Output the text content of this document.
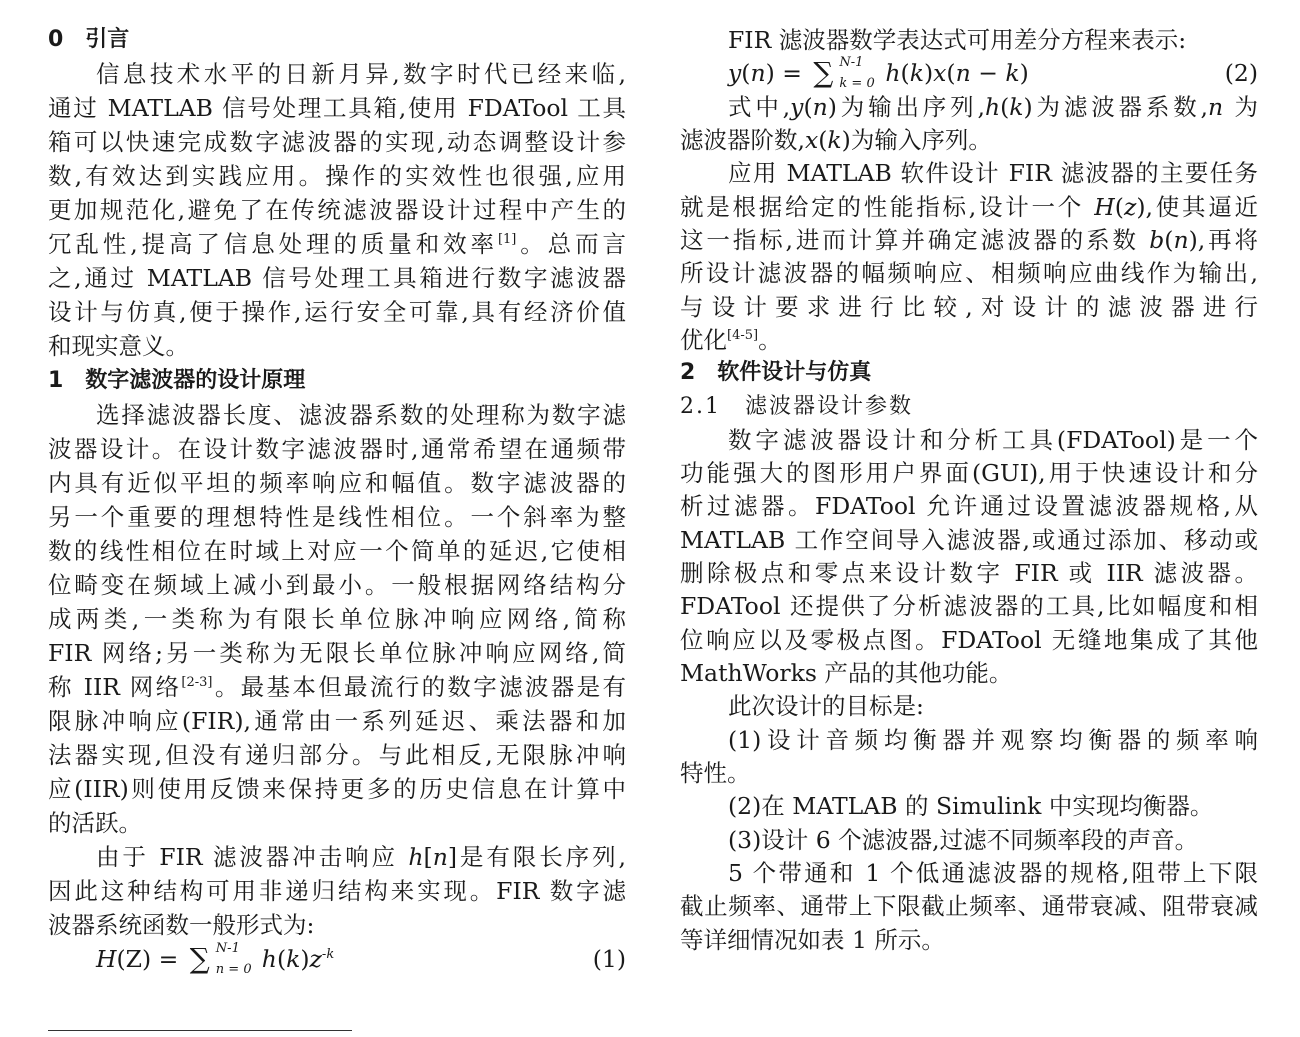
0　引言
信息技术水平的日新月异,数字时代已经来临,
通过 MATLAB 信号处理工具箱,使用 FDATool 工具
箱可以快速完成数字滤波器的实现,动态调整设计参
数,有效达到实践应用。操作的实效性也很强,应用
更加规范化,避免了在传统滤波器设计过程中产生的
冗乱性,提高了信息处理的质量和效率[1]。总而言
之,通过 MATLAB 信号处理工具箱进行数字滤波器
设计与仿真,便于操作,运行安全可靠,具有经济价值
和现实意义。
1　数字滤波器的设计原理
选择滤波器长度、滤波器系数的处理称为数字滤
波器设计。在设计数字滤波器时,通常希望在通频带
内具有近似平坦的频率响应和幅值。数字滤波器的
另一个重要的理想特性是线性相位。一个斜率为整
数的线性相位在时域上对应一个简单的延迟,它使相
位畸变在频域上减小到最小。一般根据网络结构分
成两类,一类称为有限长单位脉冲响应网络,简称
FIR 网络;另一类称为无限长单位脉冲响应网络,简
称 IIR 网络[2-3]。最基本但最流行的数字滤波器是有
限脉冲响应(FIR),通常由一系列延迟、乘法器和加
法器实现,但没有递归部分。与此相反,无限脉冲响
应(IIR)则使用反馈来保持更多的历史信息在计算中
的活跃。
由于 FIR 滤波器冲击响应 h[n]是有限长序列,
因此这种结构可用非递归结构来实现。FIR 数字滤
波器系统函数一般形式为:
H(Z) = ∑ N-1
n = 0 $h(k)z^{-k}$	(1)
FIR 滤波器数学表达式可用差分方程来表示:
y(n) = ∑ N-1
k = 0 h(k)x(n − k)	(2)
式中,y(n)为输出序列,h(k)为滤波器系数,n 为
滤波器阶数,x(k)为输入序列。
应用 MATLAB 软件设计 FIR 滤波器的主要任务
就是根据给定的性能指标,设计一个 H(z),使其逼近
这一指标,进而计算并确定滤波器的系数 b(n),再将
所设计滤波器的幅频响应、相频响应曲线作为输出,
与设计要求进行比较,对设计的滤波器进行
优化[4-5]。
2　软件设计与仿真
2.1　滤波器设计参数
数字滤波器设计和分析工具(FDATool)是一个
功能强大的图形用户界面(GUI),用于快速设计和分
析过滤器。FDATool 允许通过设置滤波器规格,从
MATLAB 工作空间导入滤波器,或通过添加、移动或
删除极点和零点来设计数字 FIR 或 IIR 滤波器。
FDATool 还提供了分析滤波器的工具,比如幅度和相
位响应以及零极点图。FDATool 无缝地集成了其他
MathWorks 产品的其他功能。
此次设计的目标是:
(1)设计音频均衡器并观察均衡器的频率响
特性。
(2)在 MATLAB 的 Simulink 中实现均衡器。
(3)设计 6 个滤波器,过滤不同频率段的声音。
5 个带通和 1 个低通滤波器的规格,阻带上下限
截止频率、通带上下限截止频率、通带衰减、阻带衰减
等详细情况如表 1 所示。
